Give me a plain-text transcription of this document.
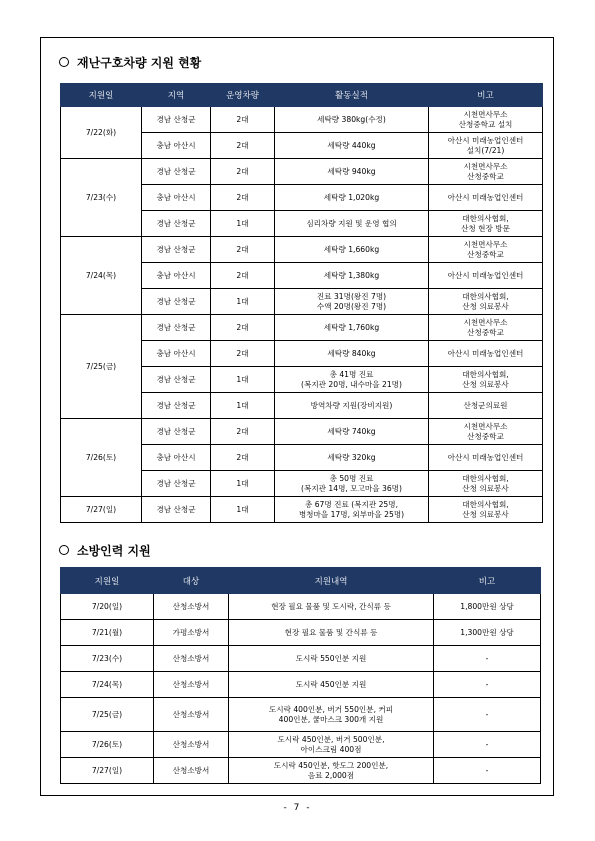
재난구호차량 지원 현황
지원일	지역	운영차량	활동실적	비고
7/22(화)	경남 산청군	2대	세탁량 380kg(수정)	시천면사무소
산청중학교 설치

	충남 아산시	2대	세탁량 440kg	아산시 미래농업인센터
설치(7/21)

7/23(수)	경남 산청군	2대	세탁량 940kg	시천면사무소
산청중학교

	충남 아산시	2대	세탁량 1,020kg	아산시 미래농업인센터

	경남 산청군	1대	심리차량 지원 및 운영 협의	대한의사협회,
산청 현장 방문

7/24(목)	경남 산청군	2대	세탁량 1,660kg	시천면사무소
산청중학교

	충남 아산시	2대	세탁량 1,380kg	아산시 미래농업인센터

	경남 산청군	1대	진료 31명(왕진 7명)
수액 20명(왕진 7명)	대한의사협회,
산청 의료봉사

7/25(금)	경남 산청군	2대	세탁량 1,760kg	시천면사무소
산청중학교

	충남 아산시	2대	세탁량 840kg	아산시 미래농업인센터

	경남 산청군	1대	총 41명 진료
(복지관 20명, 내수마을 21명)	대한의사협회,
산청 의료봉사

	경남 산청군	1대	방역차량 지원(장비지원)	산청군의료원

7/26(토)	경남 산청군	2대	세탁량 740kg	시천면사무소
산청중학교

	충남 아산시	2대	세탁량 320kg	아산시 미래농업인센터

	경남 산청군	1대	총 50명 진료
(복지관 14명, 모고마을 36명)	대한의사협회,
산청 의료봉사

7/27(일)	경남 산청군	1대	총 67명 진료 (복지관 25명,
병청마을 17명, 외부마을 25명)	대한의사협회,
산청 의료봉사
소방인력 지원
지원일	대상	지원내역	비고
7/20(일)	산청소방서	현장 필요 물품 및 도시락, 간식류 등	1,800만원 상당
7/21(월)	가평소방서	현장 필요 물품 및 간식류 등	1,300만원 상당
7/23(수)	산청소방서	도시락 550인분 지원	-
7/24(목)	산청소방서	도시락 450인분 지원	-
7/25(금)	산청소방서	도시락 400인분, 버거 550인분, 커피
400인분, 쿨마스크 300개 지원	-
7/26(토)	산청소방서	도시락 450인분, 버거 500인분,
아이스크림 400점	-
7/27(일)	산청소방서	도시락 450인분, 핫도그 200인분,
음료 2,000점	-
- 7 -
